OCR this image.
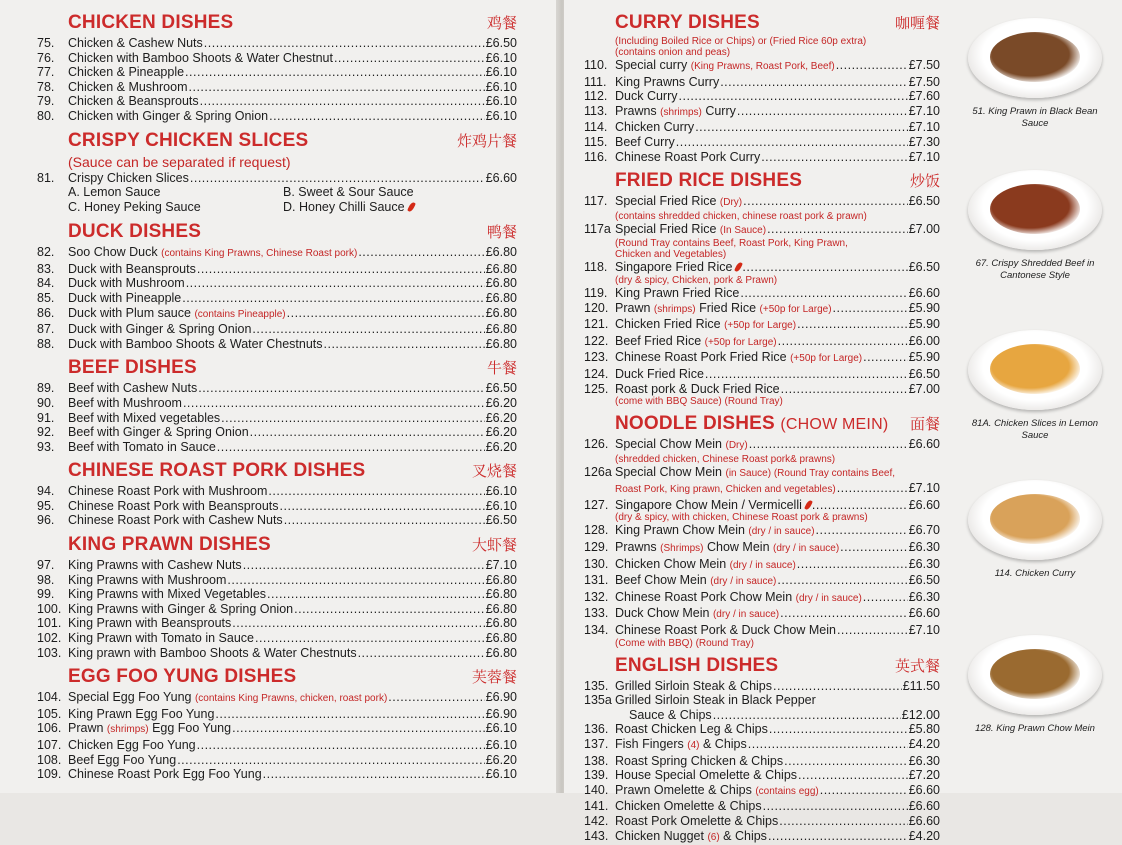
CHICKEN DISHES	鸡餐
75.	Chicken & Cashew Nuts .....	£6.50
76.	Chicken with Bamboo Shoots & Water Chestnut .....	£6.10
77.	Chicken & Pineapple .....	£6.10
78.	Chicken & Mushroom .....	£6.10
79.	Chicken & Beansprouts .....	£6.10
80.	Chicken with Ginger & Spring Onion .....	£6.10
CRISPY CHICKEN SLICES	炸鸡片餐
(Sauce can be separated if request)
81.	Crispy Chicken Slices .....	£6.60
A. Lemon Sauce	B. Sweet & Sour Sauce
C. Honey Peking Sauce	D. Honey Chilli Sauce
DUCK DISHES	鸭餐
82.	Soo Chow Duck (contains King Prawns, Chinese Roast pork) .....	£6.80
83.	Duck with Beansprouts .....	£6.80
84.	Duck with Mushroom .....	£6.80
85.	Duck with Pineapple .....	£6.80
86.	Duck with Plum sauce (contains Pineapple) .....	£6.80
87.	Duck with Ginger & Spring Onion .....	£6.80
88.	Duck with Bamboo Shoots & Water Chestnuts .....	£6.80
BEEF DISHES	牛餐
89.	Beef with Cashew Nuts .....	£6.50
90.	Beef with Mushroom .....	£6.20
91.	Beef with Mixed vegetables .....	£6.20
92.	Beef with Ginger & Spring Onion .....	£6.20
93.	Beef with Tomato in Sauce .....	£6.20
CHINESE ROAST PORK DISHES	叉烧餐
94.	Chinese Roast Pork with Mushroom .....	£6.10
95.	Chinese Roast Pork with Beansprouts .....	£6.10
96.	Chinese Roast Pork with Cashew Nuts .....	£6.50
KING PRAWN DISHES	大虾餐
97.	King Prawns with Cashew Nuts .....	£7.10
98.	King Prawns with Mushroom .....	£6.80
99.	King Prawns with Mixed Vegetables .....	£6.80
100. King Prawns with Ginger & Spring Onion .....	£6.80
101. King Prawn with Beansprouts .....	£6.80
102. King Prawn with Tomato in Sauce .....	£6.80
103. King prawn with Bamboo Shoots & Water Chestnuts .....	£6.80
EGG FOO YUNG DISHES	芙蓉餐
104. Special Egg Foo Yung (contains King Prawns, chicken, roast pork) .....	£6.90
105. King Prawn Egg Foo Yung .....	£6.90
106. Prawn (shrimps) Egg Foo Yung .....	£6.10
107. Chicken Egg Foo Yung .....	£6.10
108. Beef Egg Foo Yung .....	£6.20
109. Chinese Roast Pork Egg Foo Yung .....	£6.10
CURRY DISHES	咖喱餐
(Including Boiled Rice or Chips) or (Fried Rice 60p extra)
(contains onion and peas)
110. Special curry (King Prawns, Roast Pork, Beef) .....	£7.50
111. King Prawns Curry .....	£7.50
112. Duck Curry .....	£7.60
113. Prawns (shrimps) Curry .....	£7.10
114. Chicken Curry .....	£7.10
115. Beef Curry .....	£7.30
116. Chinese Roast Pork Curry .....	£7.10
FRIED RICE DISHES	炒饭
117. Special Fried Rice (Dry) .....	£6.50
(contains shredded chicken, chinese roast pork & prawn)
117a Special Fried Rice (In Sauce) .....	£7.00
(Round Tray contains Beef, Roast Pork, King Prawn,
Chicken and Vegetables)
118. Singapore Fried Rice .....	£6.50
(dry & spicy, Chicken, pork & Prawn)
119. King Prawn Fried Rice .....	£6.60
120. Prawn (shrimps) Fried Rice (+50p for Large) .....	£5.90
121. Chicken Fried Rice (+50p for Large) .....	£5.90
122. Beef Fried Rice (+50p for Large) .....	£6.00
123. Chinese Roast Pork Fried Rice (+50p for Large) .....	£5.90
124. Duck Fried Rice .....	£6.50
125. Roast pork & Duck Fried Rice .....	£7.00
(come with BBQ Sauce) (Round Tray)
NOODLE DISHES (CHOW MEIN) 面餐
126. Special Chow Mein (Dry) .....	£6.60
(shredded chicken, Chinese Roast pork& prawns)
126a Special Chow Mein (in Sauce) (Round Tray contains Beef,
Roast Pork, King prawn, Chicken and vegetables) .....	£7.10
127. Singapore Chow Mein / Vermicelli .....	£6.60
(dry & spicy, with chicken, Chinese Roast pork & prawns)
128. King Prawn Chow Mein (dry / in sauce) .....	£6.70
129. Prawns (Shrimps) Chow Mein (dry / in sauce) .....	£6.30
130. Chicken Chow Mein (dry / in sauce) .....	£6.30
131. Beef Chow Mein (dry / in sauce) .....	£6.50
132. Chinese Roast Pork Chow Mein (dry / in sauce) .....	£6.30
133. Duck Chow Mein (dry / in sauce) .....	£6.60
134. Chinese Roast Pork & Duck Chow Mein .....	£7.10
(Come with BBQ) (Round Tray)
ENGLISH DISHES	英式餐
135. Grilled Sirloin Steak & Chips .....	£11.50
135a Grilled Sirloin Steak in Black Pepper
Sauce & Chips .....	£12.00
136. Roast Chicken Leg & Chips .....	£5.80
137. Fish Fingers (4) & Chips .....	£4.20
138. Roast Spring Chicken & Chips .....	£6.30
139. House Special Omelette & Chips .....	£7.20
140. Prawn Omelette & Chips (contains egg) .....	£6.60
141. Chicken Omelette & Chips .....	£6.60
142. Roast Pork Omelette & Chips .....	£6.60
143. Chicken Nugget (6) & Chips .....	£4.20
51. King Prawn in Black Bean Sauce
67. Crispy Shredded Beef in Cantonese Style
81A. Chicken Slices in Lemon Sauce
114. Chicken Curry
128. King Prawn Chow Mein
